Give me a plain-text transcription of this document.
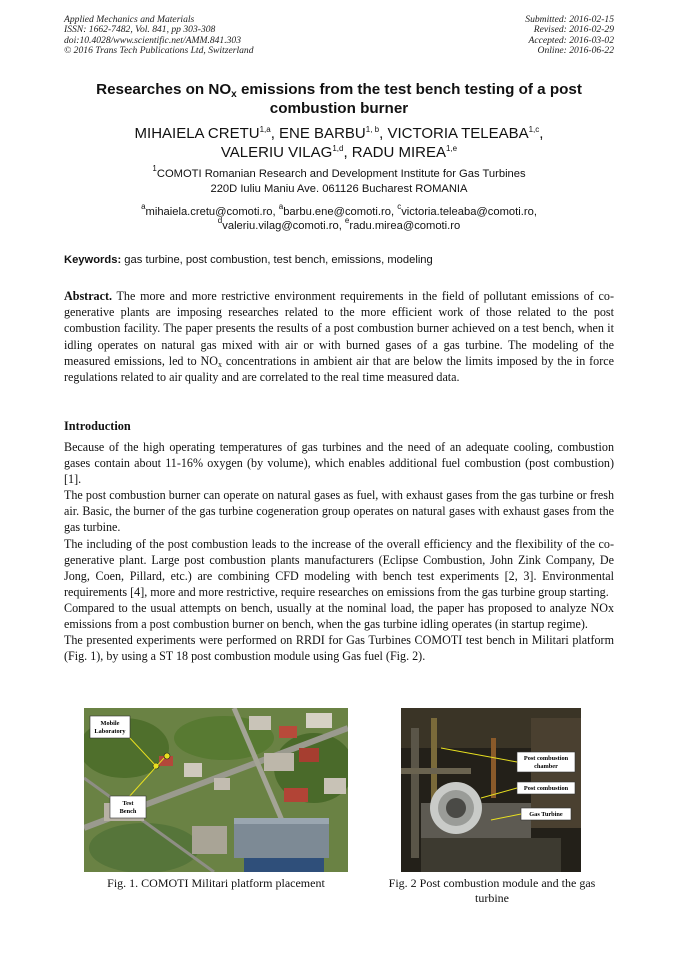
Applied Mechanics and Materials
ISSN: 1662-7482, Vol. 841, pp 303-308
doi:10.4028/www.scientific.net/AMM.841.303
© 2016 Trans Tech Publications Ltd, Switzerland
Submitted: 2016-02-15
Revised: 2016-02-29
Accepted: 2016-03-02
Online: 2016-06-22
Researches on $NO_x$ emissions from the test bench testing of a post combustion burner
MIHAIELA CRETU$^{1,a}$, ENE BARBU$^{1, b}$, VICTORIA TELEABA$^{1,c}$,
VALERIU VILAG$^{1,d}$, RADU MIREA$^{1,e}$
$^1$COMOTI Romanian Research and Development Institute for Gas Turbines
220D Iuliu Maniu Ave. 061126 Bucharest ROMANIA
$^a$mihaiela.cretu@comoti.ro, $^a$barbu.ene@comoti.ro, $^c$victoria.teleaba@comoti.ro,
$^d$valeriu.vilag@comoti.ro, $^e$radu.mirea@comoti.ro
Keywords: gas turbine, post combustion, test bench, emissions, modeling
Abstract. The more and more restrictive environment requirements in the field of pollutant emissions of co-generative plants are imposing researches related to the more efficient work of those related to the post combustion facility. The paper presents the results of a post combustion burner achieved on a test bench, when it idling operates on natural gas mixed with air or with burned gases of a gas turbine. The modeling of the measured emissions, led to $NO_x$ concentrations in ambient air that are below the limits imposed by the in force regulations related to air quality and are correlated to the real time measured data.
Introduction

Because of the high operating temperatures of gas turbines and the need of an adequate cooling, combustion gases contain about 11-16% oxygen (by volume), which enables additional fuel combustion (post combustion) [1].

The post combustion burner can operate on natural gases as fuel, with exhaust gases from the gas turbine or fresh air. Basic, the burner of the gas turbine cogeneration group operates on natural gases with exhaust gases from the gas turbine.

The including of the post combustion leads to the increase of the overall efficiency and the flexibility of the co-generative plant. Large post combustion plants manufacturers (Eclipse Combustion, John Zink Company, De Jong, Coen, Pillard, etc.) are combining CFD modeling with bench test experiments [2, 3]. Environmental requirements [4], more and more restrictive, require researches on emissions from the gas turbine group starting.

Compared to the usual attempts on bench, usually at the nominal load, the paper has proposed to analyze NOx emissions from a post combustion burner on bench, when the gas turbine idling operates (in startup regime).

The presented experiments were performed on RRDI for Gas Turbines COMOTI test bench in Militari platform (Fig. 1), by using a ST 18 post combustion module using Gas fuel (Fig. 2).

Mobile
Laboratory
Test
Bench
Post combustion
chamber
Post combustion
Gas Turbine
Fig. 1. COMOTI Militari platform placement	Fig. 2 Post combustion module and the gas turbine
